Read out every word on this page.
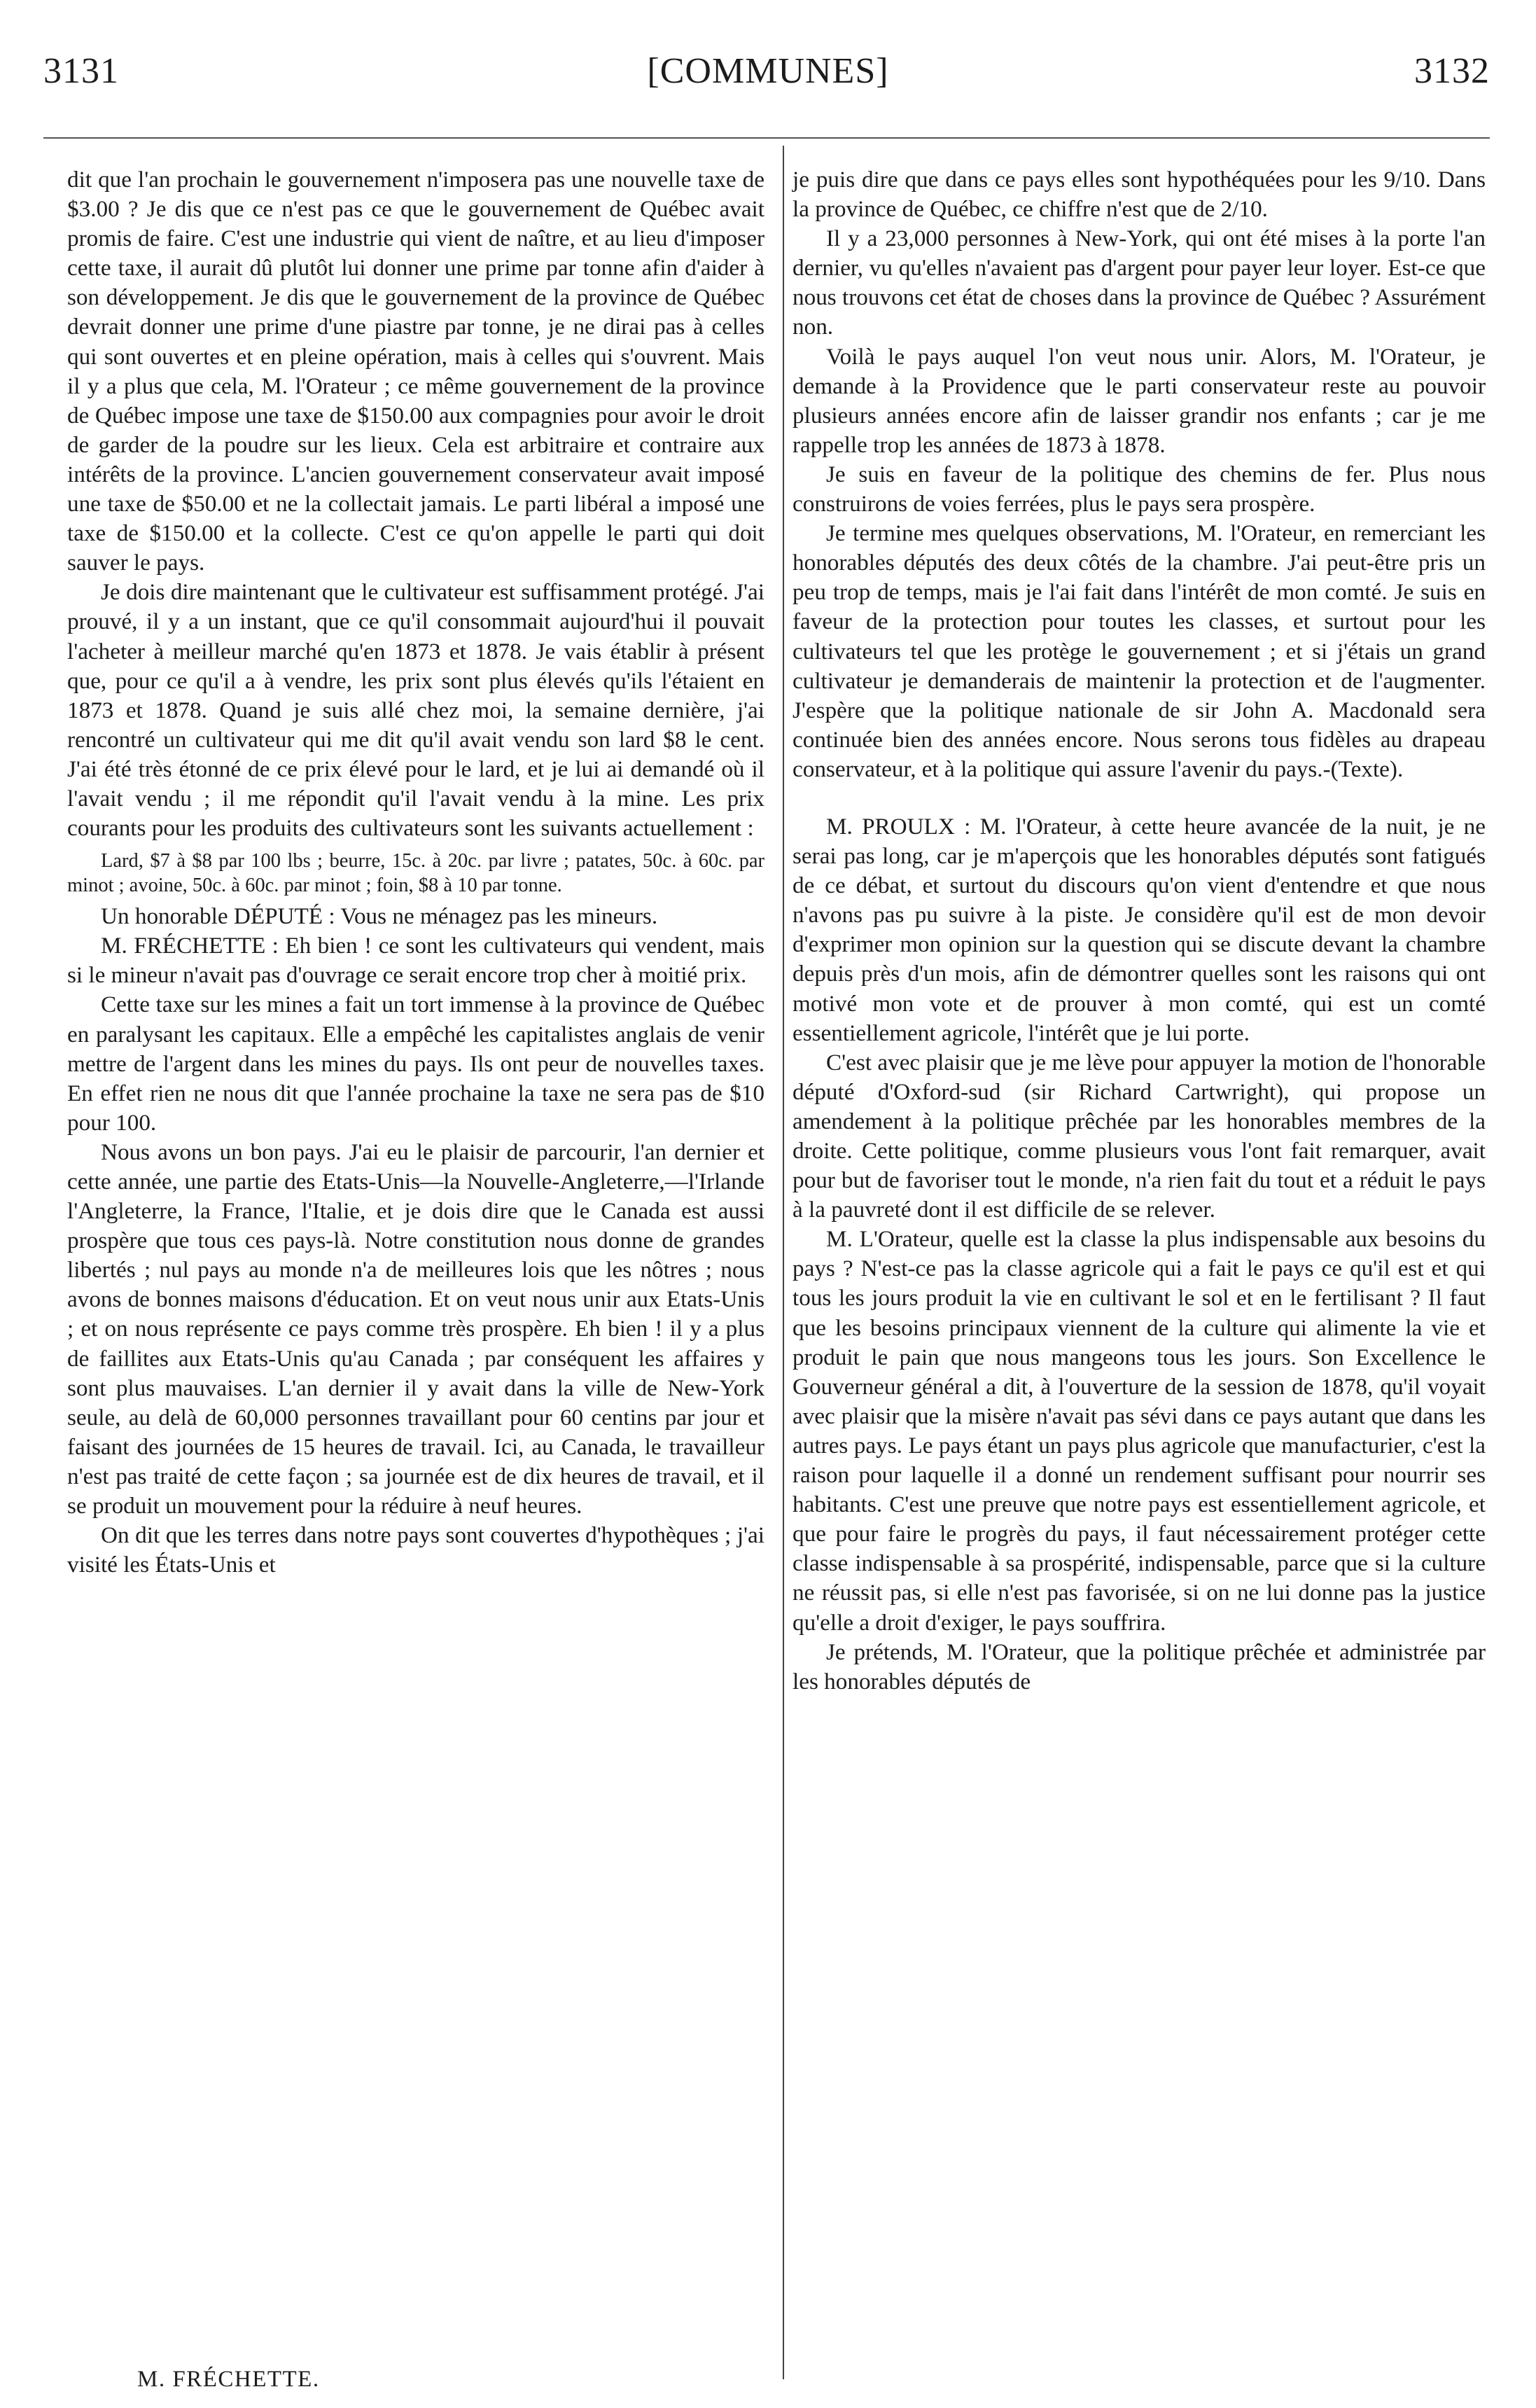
3131	[COMMUNES]	3132

dit que l'an prochain le gouvernement n'imposera pas une nouvelle taxe de $3.00 ? Je dis que ce n'est pas ce que le gouvernement de Québec avait promis de faire. C'est une industrie qui vient de naître, et au lieu d'imposer cette taxe, il aurait dû plutôt lui donner une prime par tonne afin d'aider à son développement. Je dis que le gouvernement de la province de Québec devrait donner une prime d'une piastre par tonne, je ne dirai pas à celles qui sont ouvertes et en pleine opération, mais à celles qui s'ouvrent. Mais il y a plus que cela, M. l'Orateur ; ce même gouvernement de la province de Québec impose une taxe de $150.00 aux compagnies pour avoir le droit de garder de la poudre sur les lieux. Cela est arbitraire et contraire aux intérêts de la province. L'ancien gouvernement conservateur avait imposé une taxe de $50.00 et ne la collectait jamais. Le parti libéral a imposé une taxe de $150.00 et la collecte. C'est ce qu'on appelle le parti qui doit sauver le pays.

Je dois dire maintenant que le cultivateur est suffisamment protégé. J'ai prouvé, il y a un instant, que ce qu'il consommait aujourd'hui il pouvait l'acheter à meilleur marché qu'en 1873 et 1878. Je vais établir à présent que, pour ce qu'il a à vendre, les prix sont plus élevés qu'ils l'étaient en 1873 et 1878. Quand je suis allé chez moi, la semaine dernière, j'ai rencontré un cultivateur qui me dit qu'il avait vendu son lard $8 le cent. J'ai été très étonné de ce prix élevé pour le lard, et je lui ai demandé où il l'avait vendu ; il me répondit qu'il l'avait vendu à la mine. Les prix courants pour les produits des cultivateurs sont les suivants actuellement :

Lard, $7 à $8 par 100 lbs ; beurre, 15c. à 20c. par livre ; patates, 50c. à 60c. par minot ; avoine, 50c. à 60c. par minot ; foin, $8 à 10 par tonne.

Un honorable DÉPUTÉ : Vous ne ménagez pas les mineurs.

M. FRÉCHETTE : Eh bien ! ce sont les cultivateurs qui vendent, mais si le mineur n'avait pas d'ouvrage ce serait encore trop cher à moitié prix.

Cette taxe sur les mines a fait un tort immense à la province de Québec en paralysant les capitaux. Elle a empêché les capitalistes anglais de venir mettre de l'argent dans les mines du pays. Ils ont peur de nouvelles taxes. En effet rien ne nous dit que l'année prochaine la taxe ne sera pas de $10 pour 100.

Nous avons un bon pays. J'ai eu le plaisir de parcourir, l'an dernier et cette année, une partie des Etats-Unis—la Nouvelle-Angleterre,—l'Irlande l'Angleterre, la France, l'Italie, et je dois dire que le Canada est aussi prospère que tous ces pays-là. Notre constitution nous donne de grandes libertés ; nul pays au monde n'a de meilleures lois que les nôtres ; nous avons de bonnes maisons d'éducation. Et on veut nous unir aux Etats-Unis ; et on nous représente ce pays comme très prospère. Eh bien ! il y a plus de faillites aux Etats-Unis qu'au Canada ; par conséquent les affaires y sont plus mauvaises. L'an dernier il y avait dans la ville de New-York seule, au delà de 60,000 personnes travaillant pour 60 centins par jour et faisant des journées de 15 heures de travail. Ici, au Canada, le travailleur n'est pas traité de cette façon ; sa journée est de dix heures de travail, et il se produit un mouvement pour la réduire à neuf heures.

On dit que les terres dans notre pays sont couvertes d'hypothèques ; j'ai visité les États-Unis et

je puis dire que dans ce pays elles sont hypothéquées pour les 9/10. Dans la province de Québec, ce chiffre n'est que de 2/10.

Il y a 23,000 personnes à New-York, qui ont été mises à la porte l'an dernier, vu qu'elles n'avaient pas d'argent pour payer leur loyer. Est-ce que nous trouvons cet état de choses dans la province de Québec ? Assurément non.

Voilà le pays auquel l'on veut nous unir. Alors, M. l'Orateur, je demande à la Providence que le parti conservateur reste au pouvoir plusieurs années encore afin de laisser grandir nos enfants ; car je me rappelle trop les années de 1873 à 1878.

Je suis en faveur de la politique des chemins de fer. Plus nous construirons de voies ferrées, plus le pays sera prospère.

Je termine mes quelques observations, M. l'Orateur, en remerciant les honorables députés des deux côtés de la chambre. J'ai peut-être pris un peu trop de temps, mais je l'ai fait dans l'intérêt de mon comté. Je suis en faveur de la protection pour toutes les classes, et surtout pour les cultivateurs tel que les protège le gouvernement ; et si j'étais un grand cultivateur je demanderais de maintenir la protection et de l'augmenter. J'espère que la politique nationale de sir John A. Macdonald sera continuée bien des années encore. Nous serons tous fidèles au drapeau conservateur, et à la politique qui assure l'avenir du pays.-(Texte).

M. PROULX : M. l'Orateur, à cette heure avancée de la nuit, je ne serai pas long, car je m'aperçois que les honorables députés sont fatigués de ce débat, et surtout du discours qu'on vient d'entendre et que nous n'avons pas pu suivre à la piste. Je considère qu'il est de mon devoir d'exprimer mon opinion sur la question qui se discute devant la chambre depuis près d'un mois, afin de démontrer quelles sont les raisons qui ont motivé mon vote et de prouver à mon comté, qui est un comté essentiellement agricole, l'intérêt que je lui porte.

C'est avec plaisir que je me lève pour appuyer la motion de l'honorable député d'Oxford-sud (sir Richard Cartwright), qui propose un amendement à la politique prêchée par les honorables membres de la droite. Cette politique, comme plusieurs vous l'ont fait remarquer, avait pour but de favoriser tout le monde, n'a rien fait du tout et a réduit le pays à la pauvreté dont il est difficile de se relever.

M. L'Orateur, quelle est la classe la plus indispensable aux besoins du pays ? N'est-ce pas la classe agricole qui a fait le pays ce qu'il est et qui tous les jours produit la vie en cultivant le sol et en le fertilisant ? Il faut que les besoins principaux viennent de la culture qui alimente la vie et produit le pain que nous mangeons tous les jours. Son Excellence le Gouverneur général a dit, à l'ouverture de la session de 1878, qu'il voyait avec plaisir que la misère n'avait pas sévi dans ce pays autant que dans les autres pays. Le pays étant un pays plus agricole que manufacturier, c'est la raison pour laquelle il a donné un rendement suffisant pour nourrir ses habitants. C'est une preuve que notre pays est essentiellement agricole, et que pour faire le progrès du pays, il faut nécessairement protéger cette classe indispensable à sa prospérité, indispensable, parce que si la culture ne réussit pas, si elle n'est pas favorisée, si on ne lui donne pas la justice qu'elle a droit d'exiger, le pays souffrira.

Je prétends, M. l'Orateur, que la politique prêchée et administrée par les honorables députés de

M. FRÉCHETTE.
